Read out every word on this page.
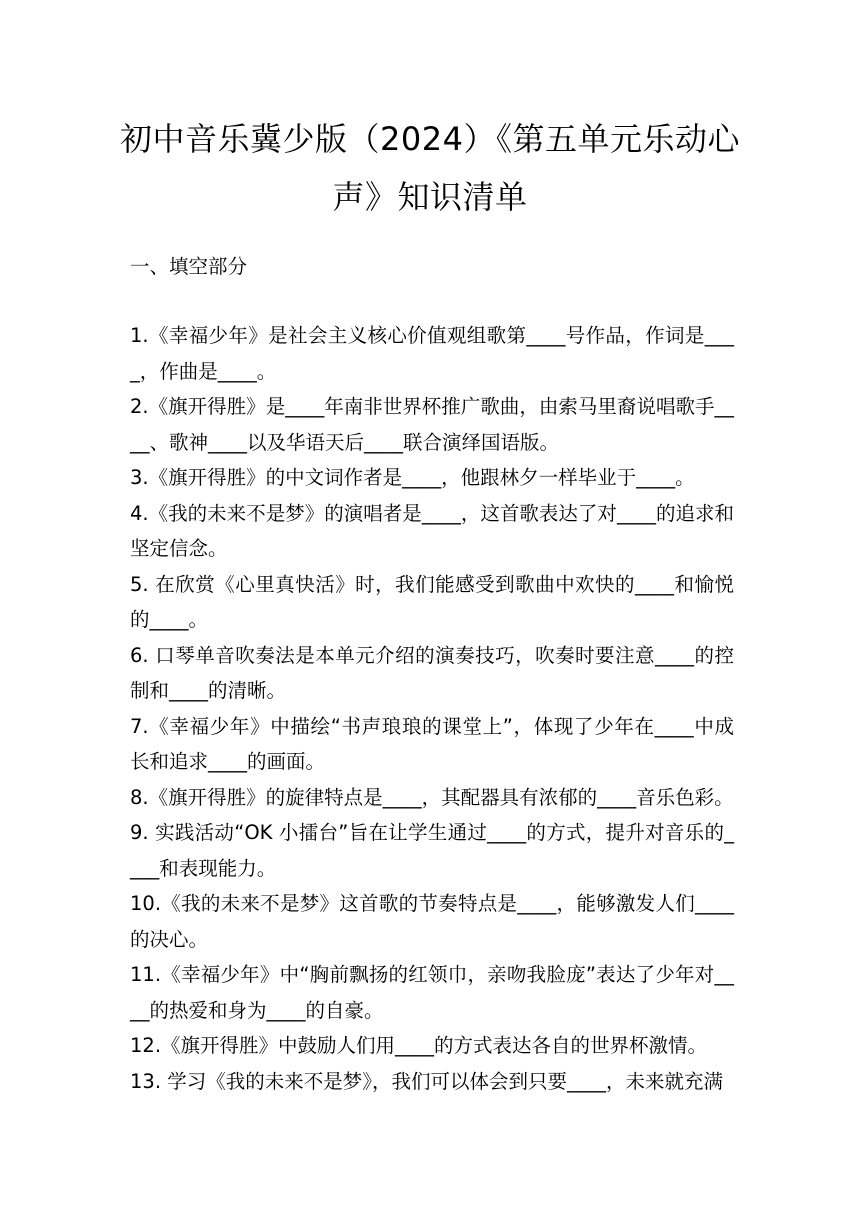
初中音乐冀少版（2024）《第五单元乐动心
声》知识清单
一、填空部分
1.《幸福少年》是社会主义核心价值观组歌第____号作品，作词是____，作曲是____。
2.《旗开得胜》是____年南非世界杯推广歌曲，由索马里裔说唱歌手____、歌神____以及华语天后____联合演绎国语版。
3.《旗开得胜》的中文词作者是____，他跟林夕一样毕业于____。
4.《我的未来不是梦》的演唱者是____，这首歌表达了对____的追求和坚定信念。
5. 在欣赏《心里真快活》时，我们能感受到歌曲中欢快的____和愉悦的____。
6. 口琴单音吹奏法是本单元介绍的演奏技巧，吹奏时要注意____的控制和____的清晰。
7.《幸福少年》中描绘“书声琅琅的课堂上”，体现了少年在____中成长和追求____的画面。
8.《旗开得胜》的旋律特点是____，其配器具有浓郁的____音乐色彩。
9. 实践活动“OK 小擂台”旨在让学生通过____的方式，提升对音乐的____和表现能力。
10.《我的未来不是梦》这首歌的节奏特点是____，能够激发人们____的决心。
11.《幸福少年》中“胸前飘扬的红领巾，亲吻我脸庞”表达了少年对____的热爱和身为____的自豪。
12.《旗开得胜》中鼓励人们用____的方式表达各自的世界杯激情。
13. 学习《我的未来不是梦》，我们可以体会到只要____，未来就充满
